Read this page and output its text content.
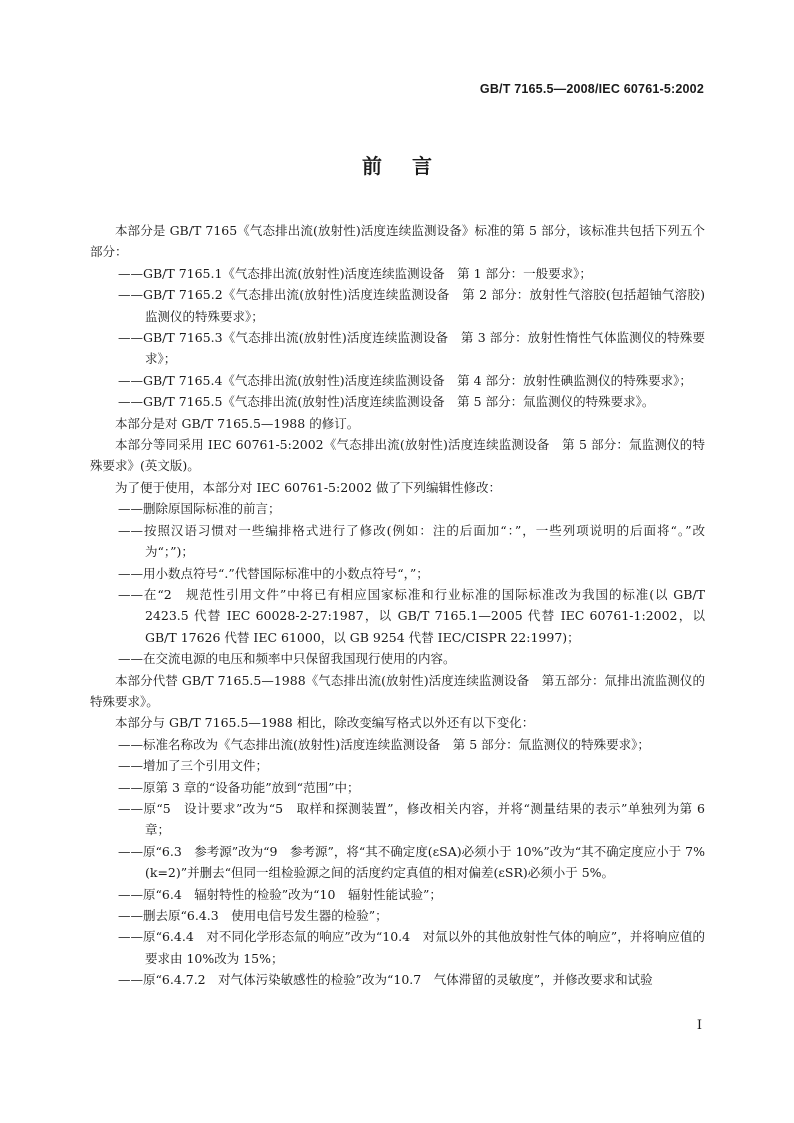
GB/T 7165.5—2008/IEC 60761-5:2002

前言

本部分是 GB/T 7165《气态排出流(放射性)活度连续监测设备》标准的第 5 部分，该标准共包括下列五个部分：

——GB/T 7165.1《气态排出流(放射性)活度连续监测设备　第 1 部分：一般要求》；

——GB/T 7165.2《气态排出流(放射性)活度连续监测设备　第 2 部分：放射性气溶胶(包括超铀气溶胶)监测仪的特殊要求》；

——GB/T 7165.3《气态排出流(放射性)活度连续监测设备　第 3 部分：放射性惰性气体监测仪的特殊要求》；

——GB/T 7165.4《气态排出流(放射性)活度连续监测设备　第 4 部分：放射性碘监测仪的特殊要求》；

——GB/T 7165.5《气态排出流(放射性)活度连续监测设备　第 5 部分：氚监测仪的特殊要求》。

本部分是对 GB/T 7165.5—1988 的修订。

本部分等同采用 IEC 60761-5:2002《气态排出流(放射性)活度连续监测设备　第 5 部分：氚监测仪的特殊要求》(英文版)。

为了便于使用，本部分对 IEC 60761-5:2002 做了下列编辑性修改：

——删除原国际标准的前言；

——按照汉语习惯对一些编排格式进行了修改(例如：注的后面加“：”，一些列项说明的后面将“。”改为“；”)；

——用小数点符号“.”代替国际标准中的小数点符号“，”；

——在“2　规范性引用文件”中将已有相应国家标准和行业标准的国际标准改为我国的标准(以 GB/T 2423.5 代替 IEC 60028-2-27:1987，以 GB/T 7165.1—2005 代替 IEC 60761-1:2002，以 GB/T 17626 代替 IEC 61000，以 GB 9254 代替 IEC/CISPR 22:1997)；

——在交流电源的电压和频率中只保留我国现行使用的内容。

本部分代替 GB/T 7165.5—1988《气态排出流(放射性)活度连续监测设备　第五部分：氚排出流监测仪的特殊要求》。

本部分与 GB/T 7165.5—1988 相比，除改变编写格式以外还有以下变化：

——标准名称改为《气态排出流(放射性)活度连续监测设备　第 5 部分：氚监测仪的特殊要求》；

——增加了三个引用文件；

——原第 3 章的“设备功能”放到“范围”中；

——原“5　设计要求”改为“5　取样和探测装置”，修改相关内容，并将“测量结果的表示”单独列为第 6 章；

——原“6.3　参考源”改为“9　参考源”，将“其不确定度(εSA)必须小于 10%”改为“其不确定度应小于 7%(k=2)”并删去“但同一组检验源之间的活度约定真值的相对偏差(εSR)必须小于 5%。

——原“6.4　辐射特性的检验”改为“10　辐射性能试验”；

——删去原“6.4.3　使用电信号发生器的检验”；

——原“6.4.4　对不同化学形态氚的响应”改为“10.4　对氚以外的其他放射性气体的响应”，并将响应值的要求由 10%改为 15%；

——原“6.4.7.2　对气体污染敏感性的检验”改为“10.7　气体滞留的灵敏度”，并修改要求和试验

I
